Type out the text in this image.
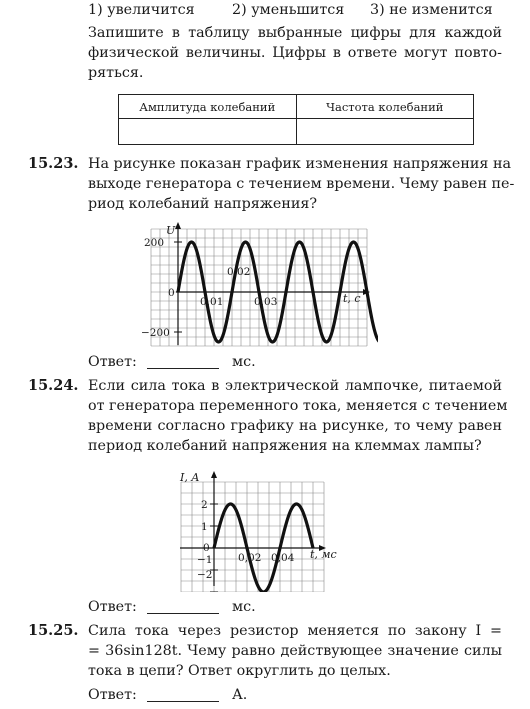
1) увеличится	2) уменьшится 3) не изменится
Запишите в таблицу выбранные цифры для каждой
физической величины. Цифры в ответе могут повто-
ряться.
Амплитуда колебаний	Частота колебаний

15.23. На рисунке показан график изменения напряжения на
выходе генератора с течением времени. Чему равен пе-
риод колебаний напряжения?
U
200
0
−200
0,01
0,02
0,03	t, c
Ответ:	мс.
15.24. Если сила тока в электрической лампочке, питаемой
от генератора переменного тока, меняется с течением
времени согласно графику на рисунке, то чему равен
период колебаний напряжения на клеммах лампы?
I, A
2
1
0
−1
−2
0,02 0,04 t, мс
Ответ:	мс.
15.25. Сила тока через резистор меняется по закону I =
= 36sin128t. Чему равно действующее значение силы
тока в цепи? Ответ округлить до целых.
Ответ:	А.
